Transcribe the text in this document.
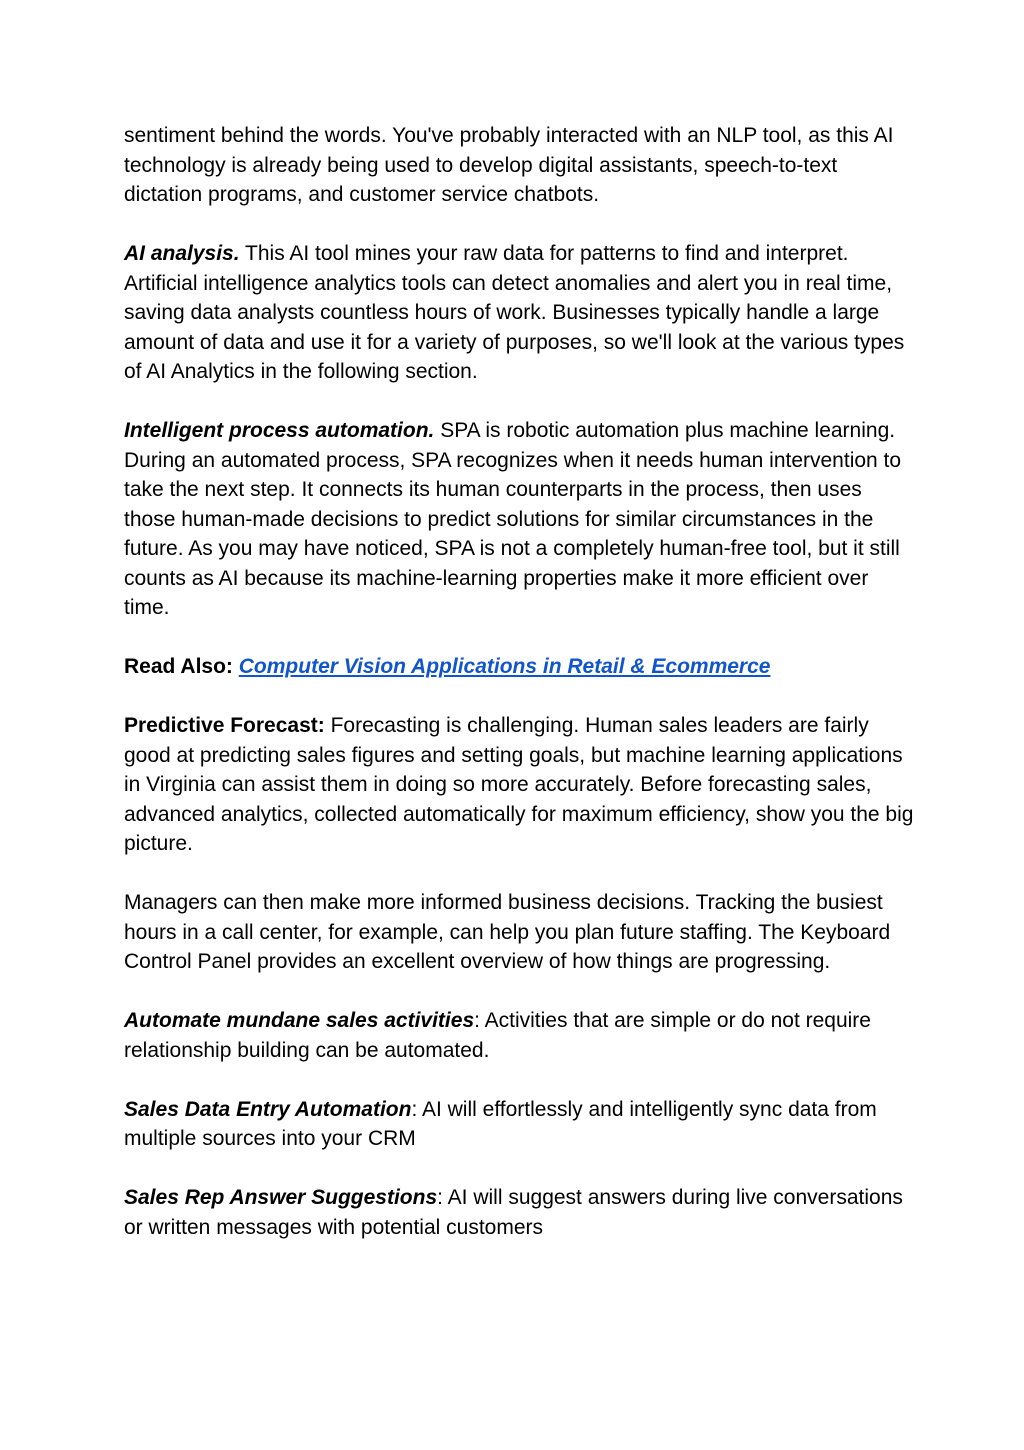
sentiment behind the words. You've probably interacted with an NLP tool, as this AI technology is already being used to develop digital assistants, speech-to-text dictation programs, and customer service chatbots.

AI analysis. This AI tool mines your raw data for patterns to find and interpret. Artificial intelligence analytics tools can detect anomalies and alert you in real time, saving data analysts countless hours of work. Businesses typically handle a large amount of data and use it for a variety of purposes, so we'll look at the various types of AI Analytics in the following section.

Intelligent process automation. SPA is robotic automation plus machine learning. During an automated process, SPA recognizes when it needs human intervention to take the next step. It connects its human counterparts in the process, then uses those human-made decisions to predict solutions for similar circumstances in the future. As you may have noticed, SPA is not a completely human-free tool, but it still counts as AI because its machine-learning properties make it more efficient over time.

Read Also: Computer Vision Applications in Retail & Ecommerce

Predictive Forecast: Forecasting is challenging. Human sales leaders are fairly good at predicting sales figures and setting goals, but machine learning applications in Virginia can assist them in doing so more accurately. Before forecasting sales, advanced analytics, collected automatically for maximum efficiency, show you the big picture.

Managers can then make more informed business decisions. Tracking the busiest hours in a call center, for example, can help you plan future staffing. The Keyboard Control Panel provides an excellent overview of how things are progressing.

Automate mundane sales activities: Activities that are simple or do not require relationship building can be automated.

Sales Data Entry Automation: AI will effortlessly and intelligently sync data from multiple sources into your CRM

Sales Rep Answer Suggestions: AI will suggest answers during live conversations or written messages with potential customers
